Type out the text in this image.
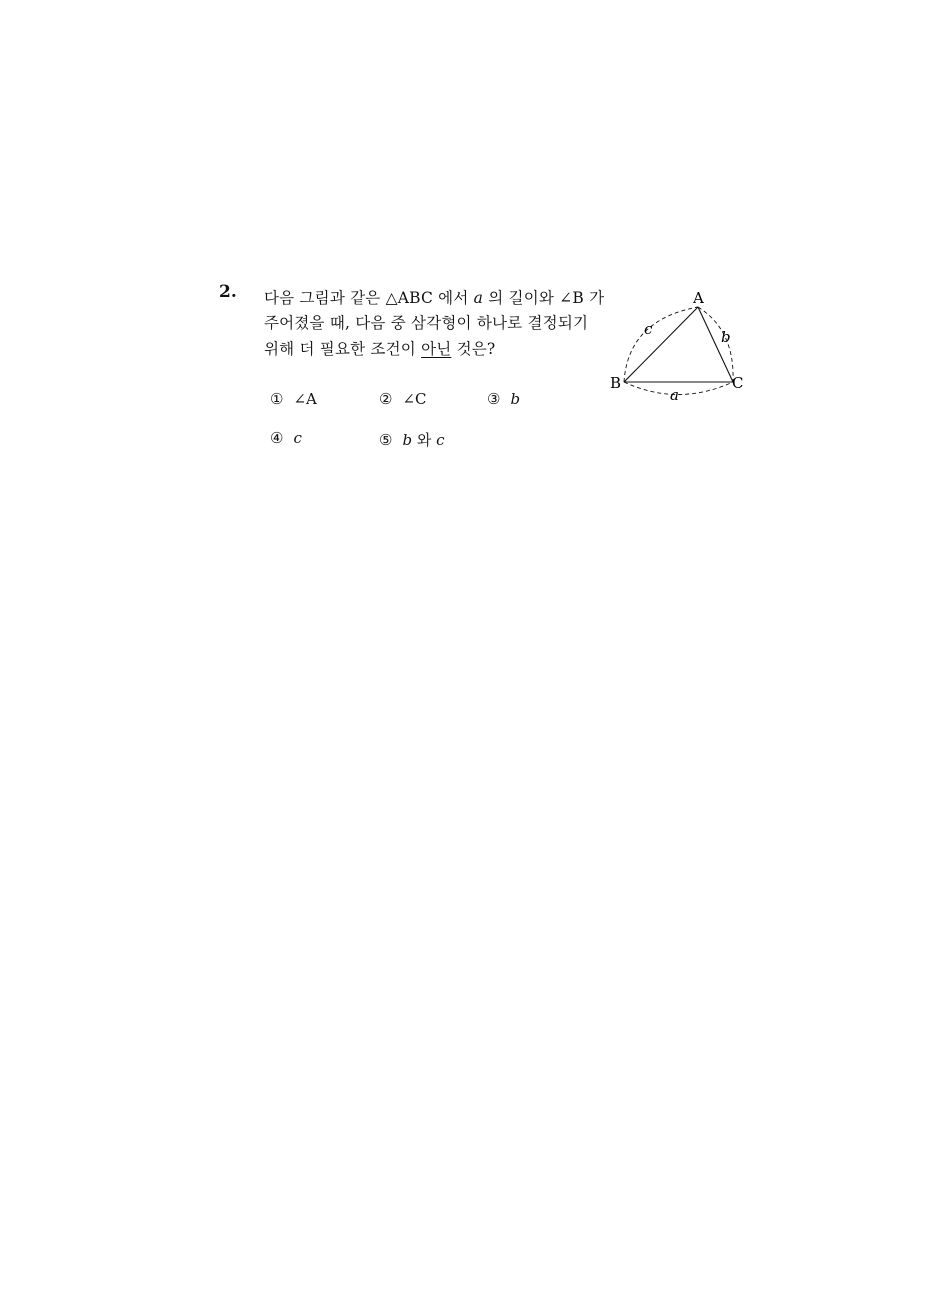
2. 다음 그림과 같은 △ABC 에서 a 의 길이와 ∠B 가
주어졌을 때, 다음 중 삼각형이 하나로 결정되기
위해 더 필요한 조건이 아닌 것은?
① ∠A	② ∠C	③ b
④ c	⑤ b 와 c
A
B	C
c	b
a
